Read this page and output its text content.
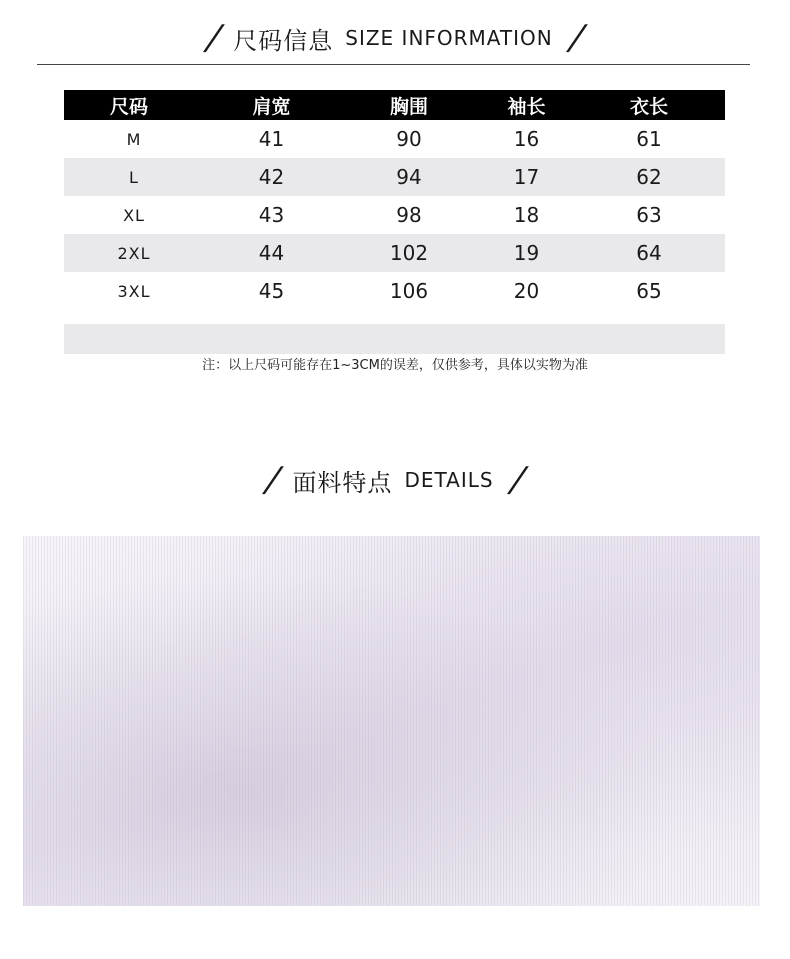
/ 尺码信息 SIZE INFORMATION /
尺码	肩宽	胸围	袖长	衣长
M	41	90	16	61
L	42	94	17	62
XL	43	98	18	63
2XL	44	102	19	64
3XL	45	106	20	65
注：以上尺码可能存在1~3CM的误差，仅供参考，具体以实物为准
/ 面料特点 DETAILS /
